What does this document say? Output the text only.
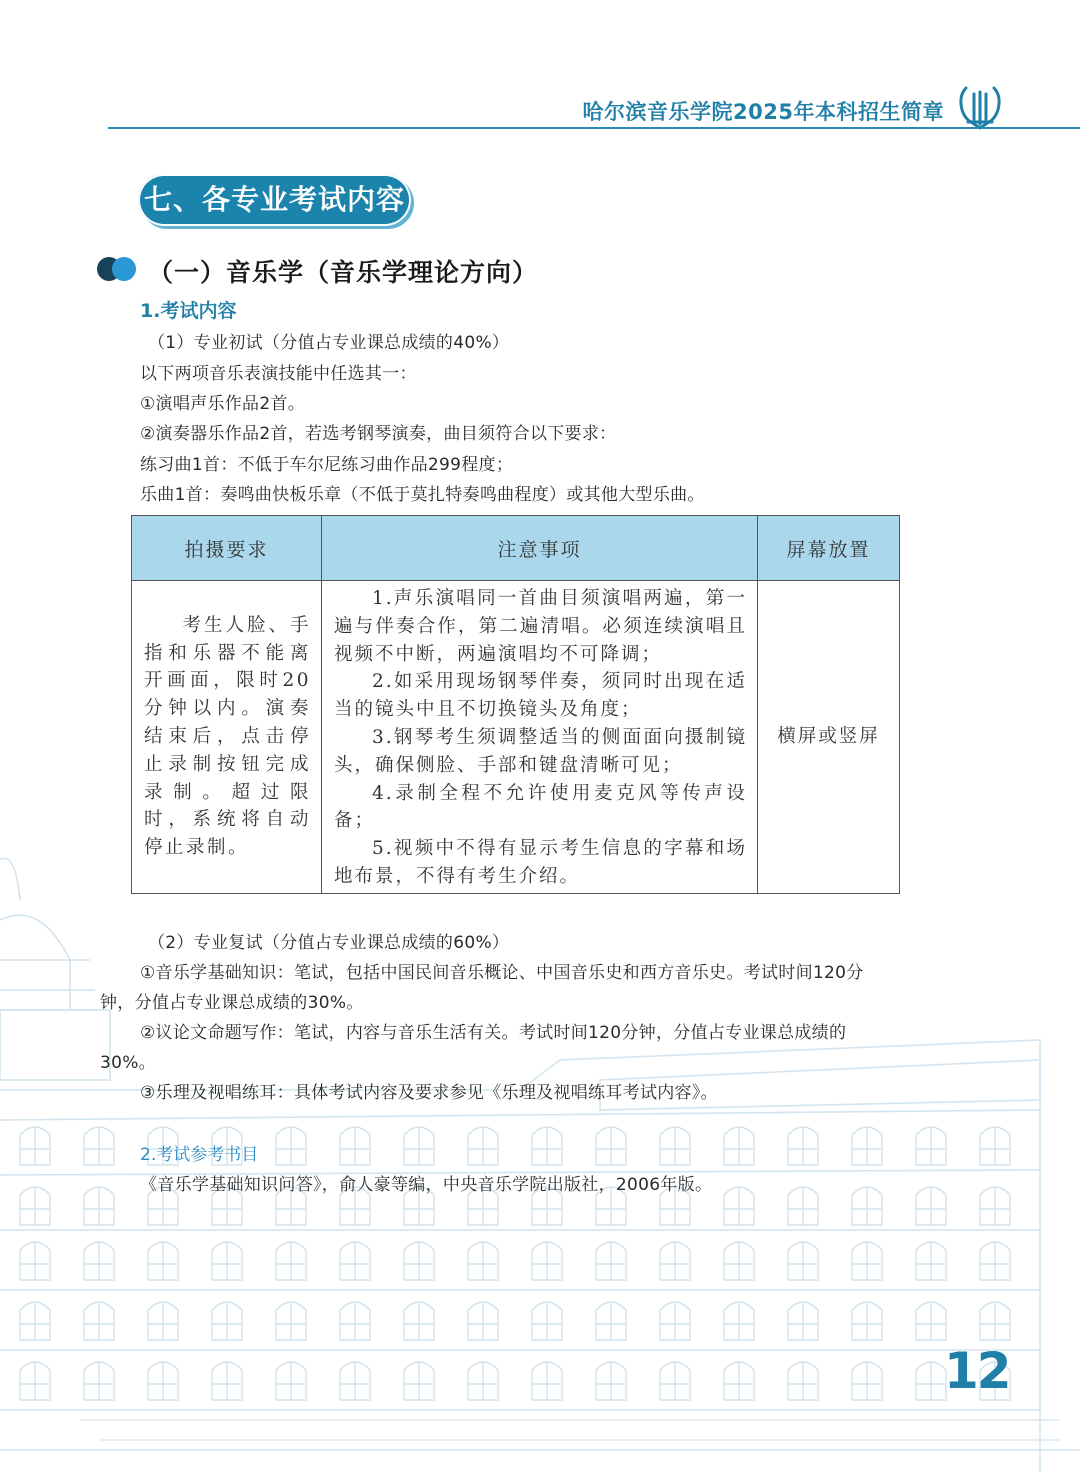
哈尔滨音乐学院2025年本科招生简章
七、各专业考试内容
（一）音乐学（音乐学理论方向）
1.考试内容
（1）专业初试（分值占专业课总成绩的40%）
以下两项音乐表演技能中任选其一：
①演唱声乐作品2首。
②演奏器乐作品2首，若选考钢琴演奏，曲目须符合以下要求：
练习曲1首：不低于车尔尼练习曲作品299程度；
乐曲1首：奏鸣曲快板乐章（不低于莫扎特奏鸣曲程度）或其他大型乐曲。
拍摄要求	注意事项	屏幕放置
考生人脸、手指和乐器不能离开画面，限时20分钟以内。演奏结束后，点击停止录制按钮完成录制。超过限时，系统将自动停止录制。	1.声乐演唱同一首曲目须演唱两遍，第一遍与伴奏合作，第二遍清唱。必须连续演唱且视频不中断，两遍演唱均不可降调；

2.如采用现场钢琴伴奏，须同时出现在适当的镜头中且不切换镜头及角度；

3.钢琴考生须调整适当的侧面面向摄制镜头，确保侧脸、手部和键盘清晰可见；

4.录制全程不允许使用麦克风等传声设备；

5.视频中不得有显示考生信息的字幕和场地布景，不得有考生介绍。	横屏或竖屏
（2）专业复试（分值占专业课总成绩的60%）
①音乐学基础知识：笔试，包括中国民间音乐概论、中国音乐史和西方音乐史。考试时间120分
钟，分值占专业课总成绩的30%。
②议论文命题写作：笔试，内容与音乐生活有关。考试时间120分钟，分值占专业课总成绩的
30%。
③乐理及视唱练耳：具体考试内容及要求参见《乐理及视唱练耳考试内容》。
2.考试参考书目
《音乐学基础知识问答》，俞人豪等编，中央音乐学院出版社，2006年版。
12
